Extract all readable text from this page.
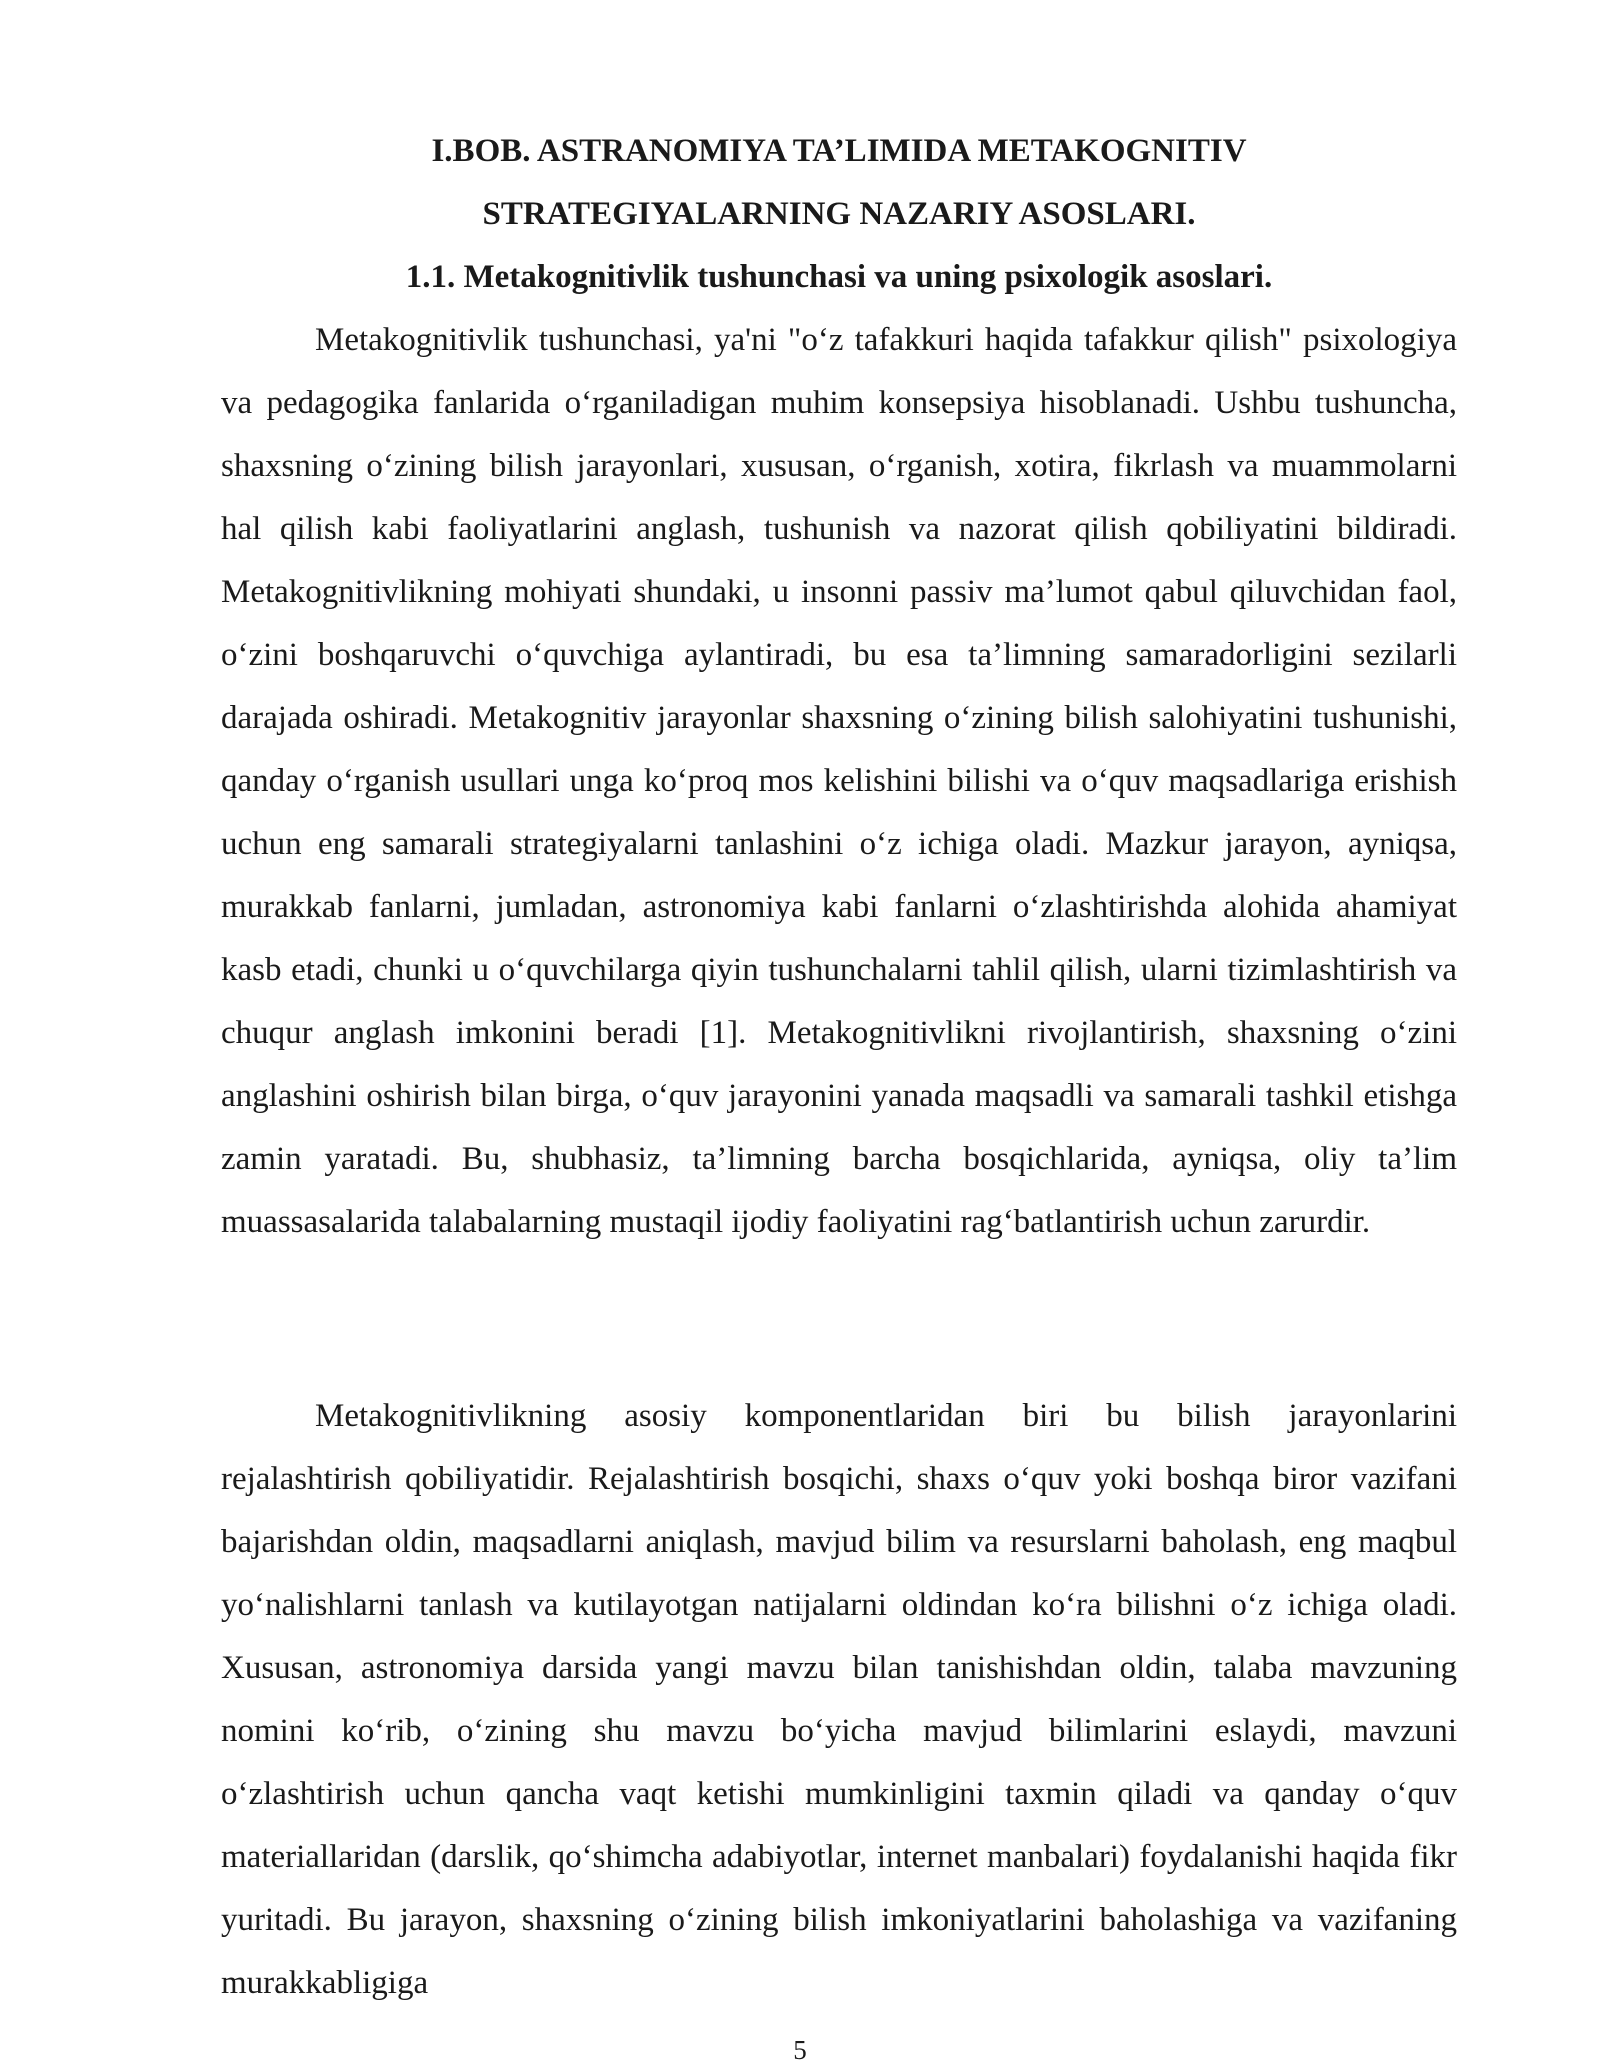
I.BOB. ASTRANOMIYA TA’LIMIDA METAKOGNITIV
STRATEGIYALARNING NAZARIY ASOSLARI.
1.1. Metakognitivlik tushunchasi va uning psixologik asoslari.

Metakognitivlik tushunchasi, ya'ni "o‘z tafakkuri haqida tafakkur qilish" psixologiya va pedagogika fanlarida o‘rganiladigan muhim konsepsiya hisoblanadi. Ushbu tushuncha, shaxsning o‘zining bilish jarayonlari, xususan, o‘rganish, xotira, fikrlash va muammolarni hal qilish kabi faoliyatlarini anglash, tushunish va nazorat qilish qobiliyatini bildiradi. Metakognitivlikning mohiyati shundaki, u insonni passiv ma’lumot qabul qiluvchidan faol, o‘zini boshqaruvchi o‘quvchiga aylantiradi, bu esa ta’limning samaradorligini sezilarli darajada oshiradi. Metakognitiv jarayonlar shaxsning o‘zining bilish salohiyatini tushunishi, qanday o‘rganish usullari unga ko‘proq mos kelishini bilishi va o‘quv maqsadlariga erishish uchun eng samarali strategiyalarni tanlashini o‘z ichiga oladi. Mazkur jarayon, ayniqsa, murakkab fanlarni, jumladan, astronomiya kabi fanlarni o‘zlashtirishda alohida ahamiyat kasb etadi, chunki u o‘quvchilarga qiyin tushunchalarni tahlil qilish, ularni tizimlashtirish va chuqur anglash imkonini beradi [1]. Metakognitivlikni rivojlantirish, shaxsning o‘zini anglashini oshirish bilan birga, o‘quv jarayonini yanada maqsadli va samarali tashkil etishga zamin yaratadi. Bu, shubhasiz, ta’limning barcha bosqichlarida, ayniqsa, oliy ta’lim muassasalarida talabalarning mustaqil ijodiy faoliyatini rag‘batlantirish uchun zarurdir.

Metakognitivlikning asosiy komponentlaridan biri bu bilish jarayonlarini rejalashtirish qobiliyatidir. Rejalashtirish bosqichi, shaxs o‘quv yoki boshqa biror vazifani bajarishdan oldin, maqsadlarni aniqlash, mavjud bilim va resurslarni baholash, eng maqbul yo‘nalishlarni tanlash va kutilayotgan natijalarni oldindan ko‘ra bilishni o‘z ichiga oladi. Xususan, astronomiya darsida yangi mavzu bilan tanishishdan oldin, talaba mavzuning nomini ko‘rib, o‘zining shu mavzu bo‘yicha mavjud bilimlarini eslaydi, mavzuni o‘zlashtirish uchun qancha vaqt ketishi mumkinligini taxmin qiladi va qanday o‘quv materiallaridan (darslik, qo‘shimcha adabiyotlar, internet manbalari) foydalanishi haqida fikr yuritadi. Bu jarayon, shaxsning o‘zining bilish imkoniyatlarini baholashiga va vazifaning murakkabligiga

5
